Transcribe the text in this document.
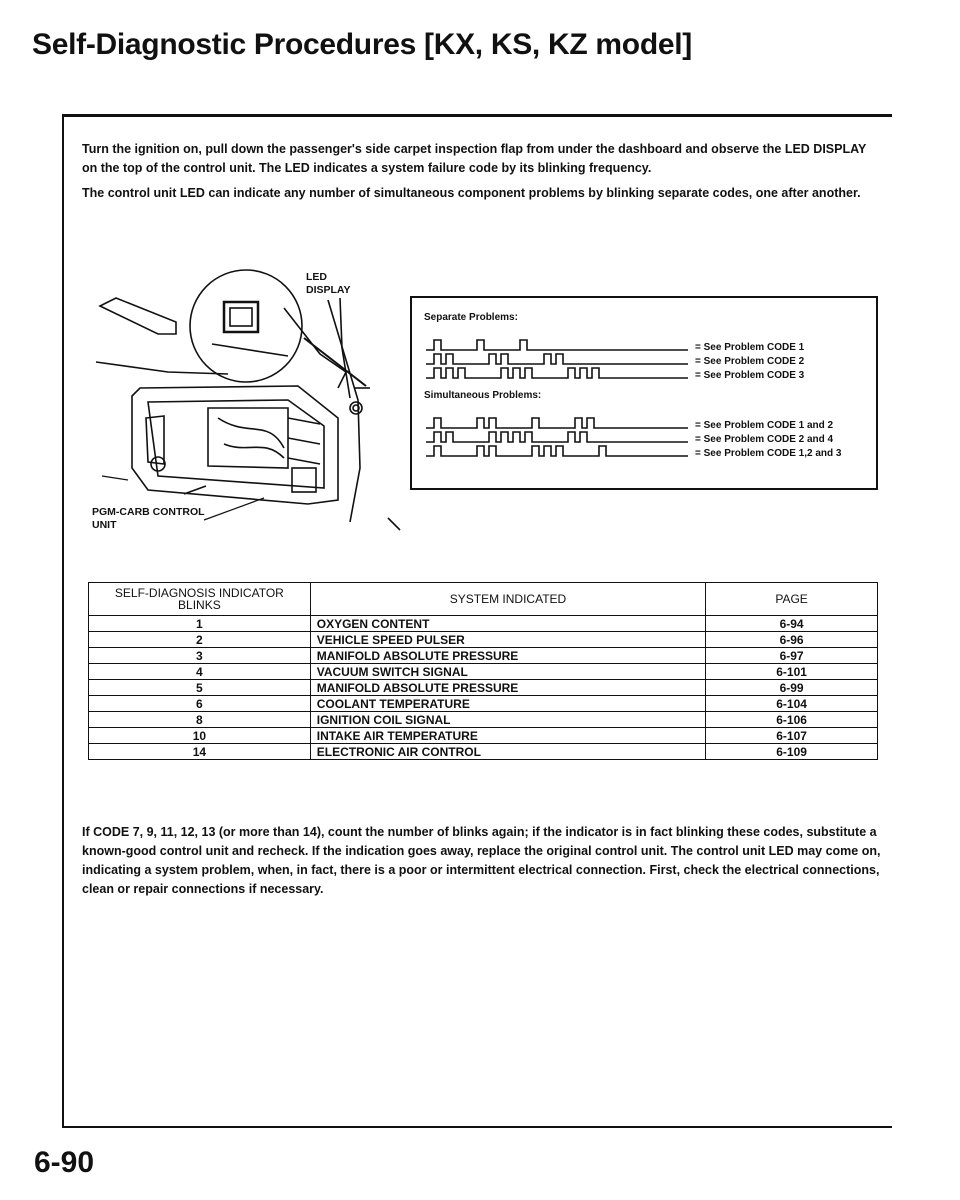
Self-Diagnostic Procedures [KX, KS, KZ model]

Turn the ignition on, pull down the passenger's side carpet inspection flap from under the dashboard and observe the LED DISPLAY on the top of the control unit. The LED indicates a system failure code by its blinking frequency.

The control unit LED can indicate any number of simultaneous component problems by blinking separate codes, one after another.

LED
DISPLAY
PGM-CARB CONTROL
UNIT
Separate Problems:
= See Problem CODE 1
= See Problem CODE 2
= See Problem CODE 3
Simultaneous Problems:
= See Problem CODE 1 and 2
= See Problem CODE 2 and 4
= See Problem CODE 1,2 and 3
SELF-DIAGNOSIS INDICATOR BLINKS	SYSTEM INDICATED	PAGE
1	OXYGEN CONTENT	6-94
2	VEHICLE SPEED PULSER	6-96
3	MANIFOLD ABSOLUTE PRESSURE	6-97
4	VACUUM SWITCH SIGNAL	6-101
5	MANIFOLD ABSOLUTE PRESSURE	6-99
6	COOLANT TEMPERATURE	6-104
8	IGNITION COIL SIGNAL	6-106
10	INTAKE AIR TEMPERATURE	6-107
14	ELECTRONIC AIR CONTROL	6-109
If CODE 7, 9, 11, 12, 13 (or more than 14), count the number of blinks again; if the indicator is in fact blinking these codes, substitute a known-good control unit and recheck. If the indication goes away, replace the original control unit. The control unit LED may come on, indicating a system problem, when, in fact, there is a poor or intermittent electrical connection. First, check the electrical connections, clean or repair connections if necessary.
6-90
